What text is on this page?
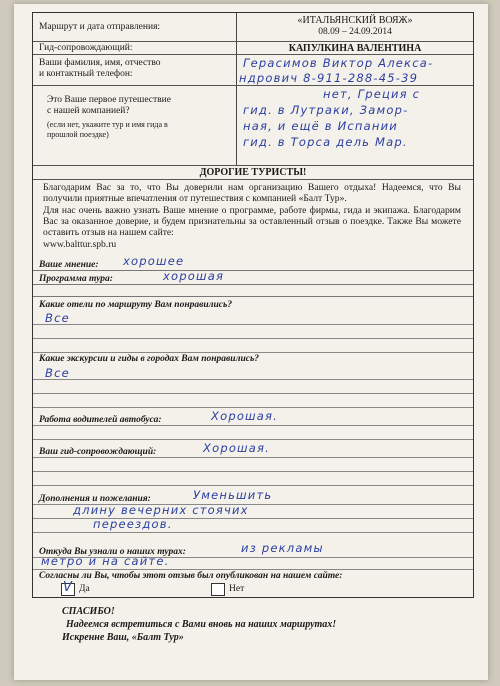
Маршрут и дата отправления:
«ИТАЛЬЯНСКИЙ ВОЯЖ»
08.09 – 24.09.2014
Гид-сопровождающий:	КАПУЛКИНА ВАЛЕНТИНА
Ваши фамилия, имя, отчество
и контактный телефон:
Герасимов Виктор Алекса-
ндрович 8-911-288-45-39
Это Ваше первое путешествие
с нашей компанией?
(если нет, укажите тур и имя гида в
прошлой поездке)
нет, Греция с
гид. в Лутраки, Замор-
ная, и ещё в Испании
гид. в Торса дель Мар.
ДОРОГИЕ ТУРИСТЫ!
Благодарим Вас за то, что Вы доверили нам организацию Вашего отдыха! Надеемся, что Вы получили приятные впечатления от путешествия с компанией «Балт Тур».
Для нас очень важно узнать Ваше мнение о программе, работе фирмы, гида и экипажа. Благодарим Вас за оказанное доверие, и будем признательны за оставленный отзыв о поездке. Также Вы можете оставить отзыв на нашем сайте:
www.balttur.spb.ru
Ваше мнение: хорошее
Программа тура:	хорошая
Какие отели по маршруту Вам понравились?
Все
Какие экскурсии и гиды в городах Вам понравились?
Все
Работа водителей автобуса:	Хорошая.
Ваш гид-сопровождающий:	Хорошая.
Дополнения и пожелания:	Уменьшить
длину вечерних стоячих
переездов.
Откуда Вы узнали о наших турах:	из рекламы
метро и на сайте.
Согласны ли Вы, чтобы этот отзыв был опубликован на нашем сайте:
V Да	Нет
СПАСИБО!
Надеемся встретиться с Вами вновь на наших маршрутах!
Искренне Ваш, «Балт Тур»
